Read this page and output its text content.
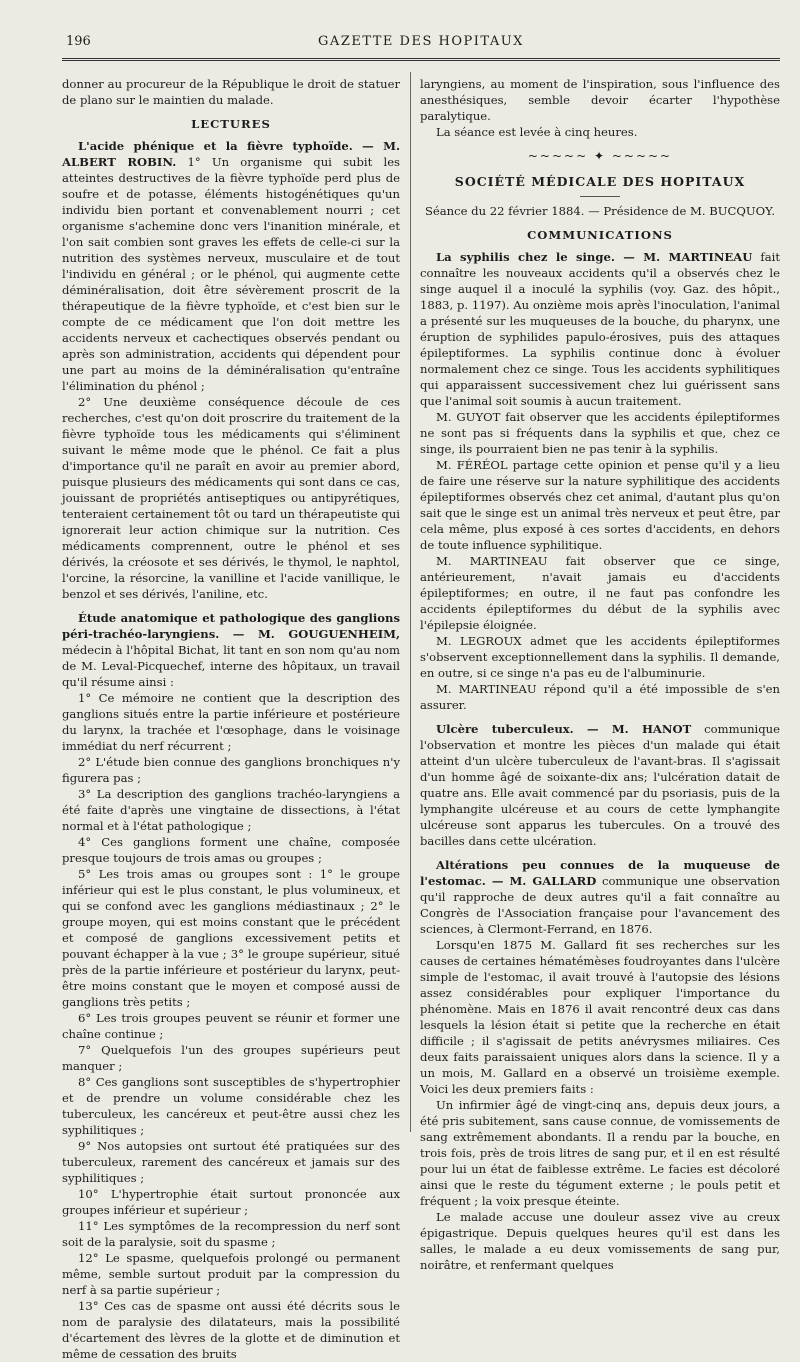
196	GAZETTE DES HOPITAUX

donner au procureur de la République le droit de statuer de plano sur le maintien du malade.

LECTURES

L'acide phénique et la fièvre typhoïde. — M. ALBERT ROBIN. 1° Un organisme qui subit les atteintes destructives de la fièvre typhoïde perd plus de soufre et de potasse, éléments histogénétiques qu'un individu bien portant et convenablement nourri ; cet organisme s'achemine donc vers l'inanition minérale, et l'on sait combien sont graves les effets de celle-ci sur la nutrition des systèmes nerveux, musculaire et de tout l'individu en général ; or le phénol, qui augmente cette déminéralisation, doit être sévèrement proscrit de la thérapeutique de la fièvre typhoïde, et c'est bien sur le compte de ce médicament que l'on doit mettre les accidents nerveux et cachectiques observés pendant ou après son administration, accidents qui dépendent pour une part au moins de la déminéralisation qu'entraîne l'élimination du phénol ;

2° Une deuxième conséquence découle de ces recherches, c'est qu'on doit proscrire du traitement de la fièvre typhoïde tous les médicaments qui s'éliminent suivant le même mode que le phénol. Ce fait a plus d'importance qu'il ne paraît en avoir au premier abord, puisque plusieurs des médicaments qui sont dans ce cas, jouissant de propriétés antiseptiques ou antipyrétiques, tenteraient certainement tôt ou tard un thérapeutiste qui ignorerait leur action chimique sur la nutrition. Ces médicaments comprennent, outre le phénol et ses dérivés, la créosote et ses dérivés, le thymol, le naphtol, l'orcine, la résorcine, la vanilline et l'acide vanillique, le benzol et ses dérivés, l'aniline, etc.

Étude anatomique et pathologique des ganglions péri-trachéo-laryngiens. — M. GOUGUENHEIM, médecin à l'hôpital Bichat, lit tant en son nom qu'au nom de M. Leval-Picquechef, interne des hôpitaux, un travail qu'il résume ainsi :

1° Ce mémoire ne contient que la description des ganglions situés entre la partie inférieure et postérieure du larynx, la trachée et l'œsophage, dans le voisinage immédiat du nerf récurrent ;

2° L'étude bien connue des ganglions bronchiques n'y figurera pas ;

3° La description des ganglions trachéo-laryngiens a été faite d'après une vingtaine de dissections, à l'état normal et à l'état pathologique ;

4° Ces ganglions forment une chaîne, composée presque toujours de trois amas ou groupes ;

5° Les trois amas ou groupes sont : 1° le groupe inférieur qui est le plus constant, le plus volumineux, et qui se confond avec les ganglions médiastinaux ; 2° le groupe moyen, qui est moins constant que le précédent et composé de ganglions excessivement petits et pouvant échapper à la vue ; 3° le groupe supérieur, situé près de la partie inférieure et postérieur du larynx, peut-être moins constant que le moyen et composé aussi de ganglions très petits ;

6° Les trois groupes peuvent se réunir et former une chaîne continue ;

7° Quelquefois l'un des groupes supérieurs peut manquer ;

8° Ces ganglions sont susceptibles de s'hypertrophier et de prendre un volume considérable chez les tuberculeux, les cancéreux et peut-être aussi chez les syphilitiques ;

9° Nos autopsies ont surtout été pratiquées sur des tuberculeux, rarement des cancéreux et jamais sur des syphilitiques ;

10° L'hypertrophie était surtout prononcée aux groupes inférieur et supérieur ;

11° Les symptômes de la recompression du nerf sont soit de la paralysie, soit du spasme ;

12° Le spasme, quelquefois prolongé ou permanent même, semble surtout produit par la compression du nerf à sa partie supérieur ;

13° Ces cas de spasme ont aussi été décrits sous le nom de paralysie des dilatateurs, mais la possibilité d'écartement des lèvres de la glotte et de diminution et même de cessation des bruits

laryngiens, au moment de l'inspiration, sous l'influence des anesthésiques, semble devoir écarter l'hypothèse paralytique.

La séance est levée à cinq heures.

~~~~~ ✦ ~~~~~
SOCIÉTÉ MÉDICALE DES HOPITAUX

Séance du 22 février 1884. — Présidence de M. BUCQUOY.

COMMUNICATIONS

La syphilis chez le singe. — M. MARTINEAU fait connaître les nouveaux accidents qu'il a observés chez le singe auquel il a inoculé la syphilis (voy. Gaz. des hôpit., 1883, p. 1197). Au onzième mois après l'inoculation, l'animal a présenté sur les muqueuses de la bouche, du pharynx, une éruption de syphilides papulo-érosives, puis des attaques épileptiformes. La syphilis continue donc à évoluer normalement chez ce singe. Tous les accidents syphilitiques qui apparaissent successivement chez lui guérissent sans que l'animal soit soumis à aucun traitement.

M. GUYOT fait observer que les accidents épileptiformes ne sont pas si fréquents dans la syphilis et que, chez ce singe, ils pourraient bien ne pas tenir à la syphilis.

M. FÉRÉOL partage cette opinion et pense qu'il y a lieu de faire une réserve sur la nature syphilitique des accidents épileptiformes observés chez cet animal, d'autant plus qu'on sait que le singe est un animal très nerveux et peut être, par cela même, plus exposé à ces sortes d'accidents, en dehors de toute influence syphilitique.

M. MARTINEAU fait observer que ce singe, antérieurement, n'avait jamais eu d'accidents épileptiformes; en outre, il ne faut pas confondre les accidents épileptiformes du début de la syphilis avec l'épilepsie éloignée.

M. LEGROUX admet que les accidents épileptiformes s'observent exceptionnellement dans la syphilis. Il demande, en outre, si ce singe n'a pas eu de l'albuminurie.

M. MARTINEAU répond qu'il a été impossible de s'en assurer.

Ulcère tuberculeux. — M. HANOT communique l'observation et montre les pièces d'un malade qui était atteint d'un ulcère tuberculeux de l'avant-bras. Il s'agissait d'un homme âgé de soixante-dix ans; l'ulcération datait de quatre ans. Elle avait commencé par du psoriasis, puis de la lymphangite ulcéreuse et au cours de cette lymphangite ulcéreuse sont apparus les tubercules. On a trouvé des bacilles dans cette ulcération.

Altérations peu connues de la muqueuse de l'estomac. — M. GALLARD communique une observation qu'il rapproche de deux autres qu'il a fait connaître au Congrès de l'Association française pour l'avancement des sciences, à Clermont-Ferrand, en 1876.

Lorsqu'en 1875 M. Gallard fit ses recherches sur les causes de certaines hématémèses foudroyantes dans l'ulcère simple de l'estomac, il avait trouvé à l'autopsie des lésions assez considérables pour expliquer l'importance du phénomène. Mais en 1876 il avait rencontré deux cas dans lesquels la lésion était si petite que la recherche en était difficile ; il s'agissait de petits anévrysmes miliaires. Ces deux faits paraissaient uniques alors dans la science. Il y a un mois, M. Gallard en a observé un troisième exemple. Voici les deux premiers faits :

Un infirmier âgé de vingt-cinq ans, depuis deux jours, a été pris subitement, sans cause connue, de vomissements de sang extrêmement abondants. Il a rendu par la bouche, en trois fois, près de trois litres de sang pur, et il en est résulté pour lui un état de faiblesse extrême. Le facies est décoloré ainsi que le reste du tégument externe ; le pouls petit et fréquent ; la voix presque éteinte.

Le malade accuse une douleur assez vive au creux épigastrique. Depuis quelques heures qu'il est dans les salles, le malade a eu deux vomissements de sang pur, noirâtre, et renfermant quelques
